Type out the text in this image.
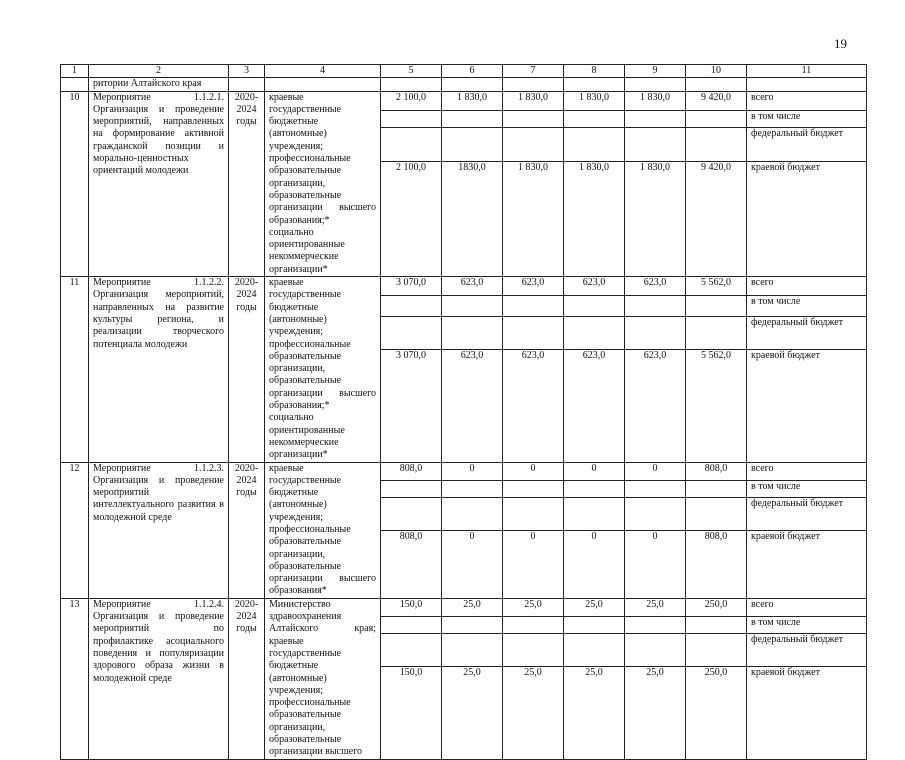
19
1	2	3	4	5	6	7	8	9	10	11
	ритории Алтайского края									
10	Мероприятие 1.1.2.1. Организация и проведение мероприятий, направленных на формирование активной гражданской позиции и морально-ценностных ориентаций молодежи	2020-2024 годы	краевые государственные бюджетные (автономные) учреждения; профессиональные образовательные организации, образовательные организации высшего образования;* социально ориентированные некоммерческие организации*	2 100,0	1 830,0	1 830,0	1 830,0	1 830,0	9 420,0	всего
										в том числе
										федеральный бюджет
				2 100,0	1830,0	1 830,0	1 830,0	1 830,0	9 420,0	краевой бюджет
11	Мероприятие 1.1.2.2. Организация мероприятий, направленных на развитие культуры региона, и реализации творческого потенциала молодежи	2020-2024 годы	краевые государственные бюджетные (автономные) учреждения; профессиональные образовательные организации, образовательные организации высшего образования;* социально ориентированные некоммерческие организации*	3 070,0	623,0	623,0	623,0	623,0	5 562,0	всего
										в том числе
										федеральный бюджет
				3 070,0	623,0	623,0	623,0	623,0	5 562,0	краевой бюджет
12	Мероприятие 1.1.2.3. Организация и проведение мероприятий интеллектуального развития в молодежной среде	2020-2024 годы	краевые государственные бюджетные (автономные) учреждения; профессиональные образовательные организации, образовательные организации высшего образования*	808,0	0	0	0	0	808,0	всего
										в том числе
										федеральный бюджет
				808,0	0	0	0	0	808,0	краевой бюджет
13	Мероприятие 1.1.2.4. Организация и проведение мероприятий по профилактике асоциального поведения и популяризации здорового образа жизни в молодежной среде	2020-2024 годы	Министерство здравоохранения Алтайского края; краевые государственные бюджетные (автономные) учреждения; профессиональные образовательные организации, образовательные организации высшего	150,0	25,0	25,0	25,0	25,0	250,0	всего
										в том числе
										федеральный бюджет
				150,0	25,0	25,0	25,0	25,0	250,0	краевой бюджет
